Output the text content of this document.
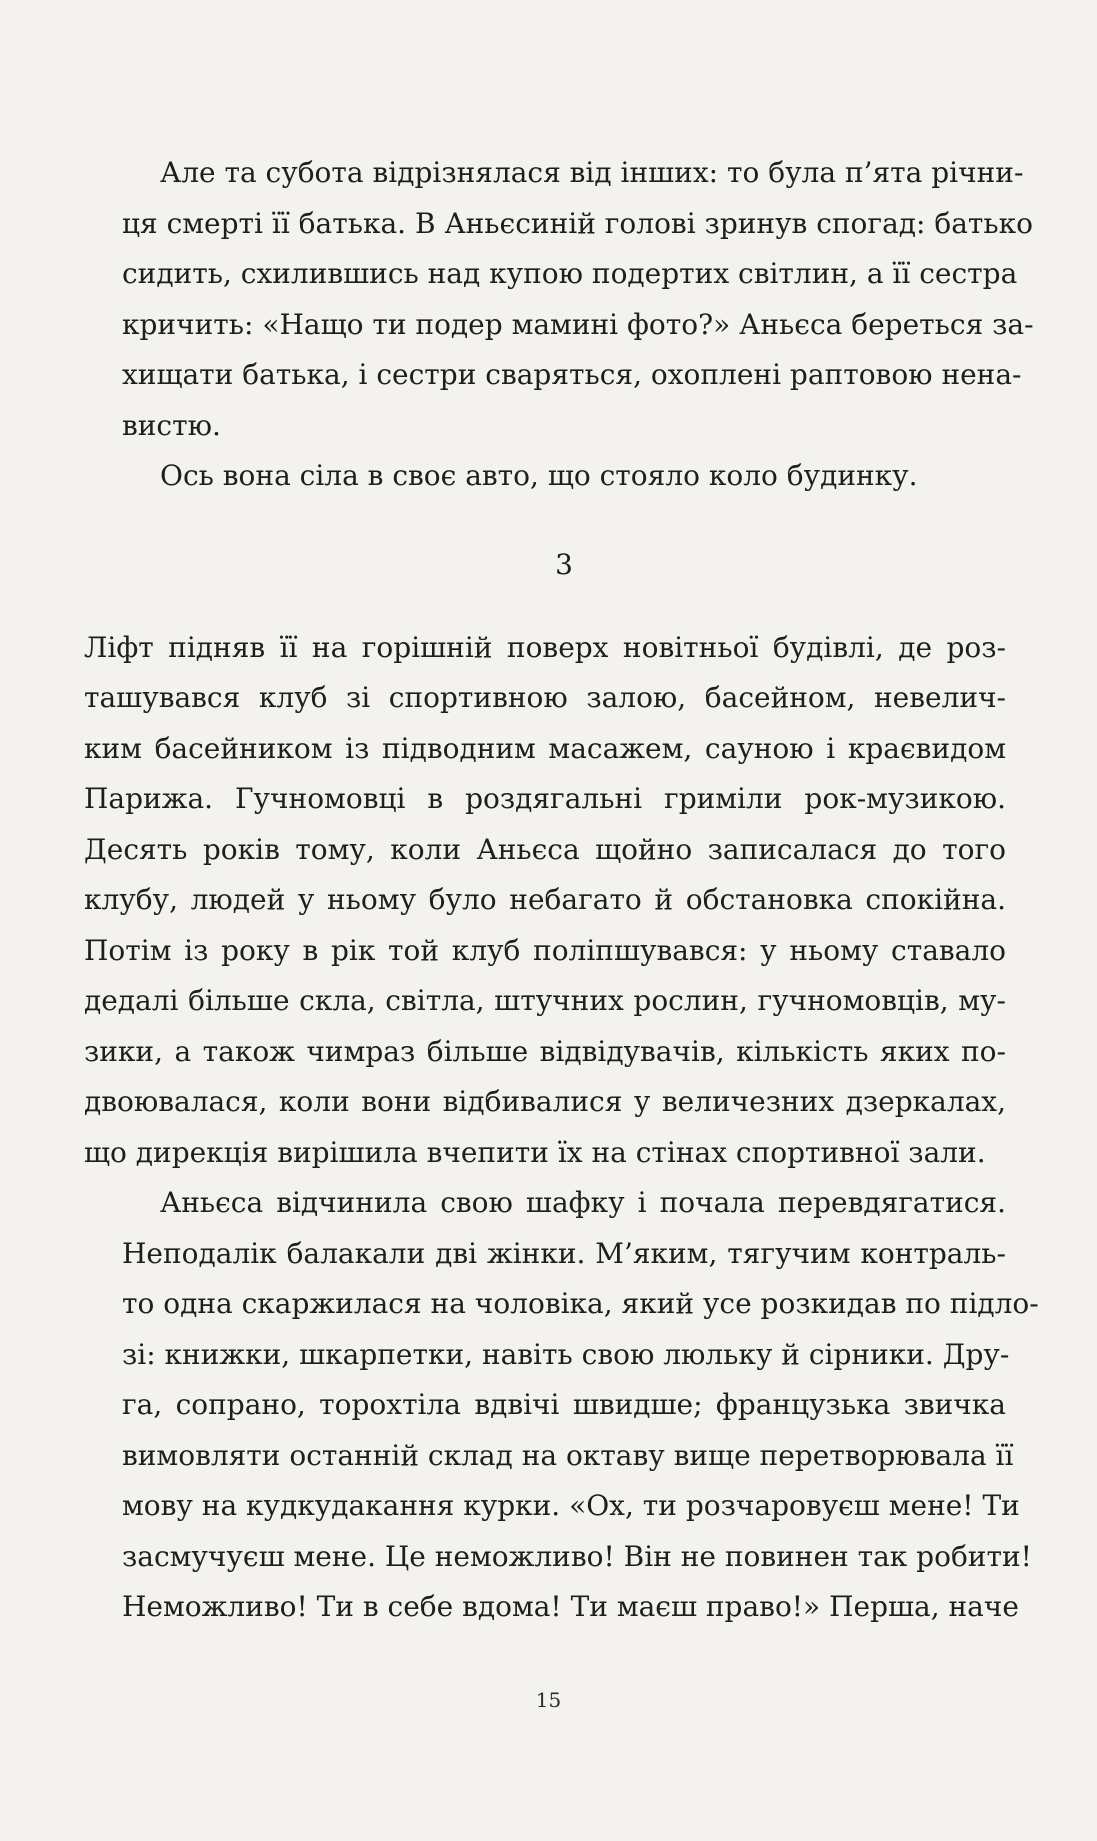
Але та субота відрізнялася від інших: то була п’ята річни-
ця смерті її батька. В Аньєсиній голові зринув спогад: батько
сидить, схилившись над купою подертих світлин, а її сестра
кричить: «Нащо ти подер мамині фото?» Аньєса береться за-
хищати батька, і сестри сваряться, охоплені раптовою нена-
вистю.

Ось вона сіла в своє авто, що стояло коло будинку.

3

Ліфт підняв її на горішній поверх новітньої будівлі, де роз-
ташувався клуб зі спортивною залою, басейном, невелич-
ким басейником із підводним масажем, сауною і краєвидом
Парижа. Гучномовці в роздягальні гриміли рок-музикою.
Десять років тому, коли Аньєса щойно записалася до того
клубу, людей у ньому було небагато й обстановка спокійна.
Потім із року в рік той клуб поліпшувався: у ньому ставало
дедалі більше скла, світла, штучних рослин, гучномовців, му-
зики, а також чимраз більше відвідувачів, кількість яких по-
двоювалася, коли вони відбивалися у величезних дзеркалах,
що дирекція вирішила вчепити їх на стінах спортивної зали.

Аньєса відчинила свою шафку і почала перевдягатися.
Неподалік балакали дві жінки. М’яким, тягучим контраль-
то одна скаржилася на чоловіка, який усе розкидав по підло-
зі: книжки, шкарпетки, навіть свою люльку й сірники. Дру-
га, сопрано, торохтіла вдвічі швидше; французька звичка
вимовляти останній склад на октаву вище перетворювала її
мову на кудкудакання курки. «Ох, ти розчаровуєш мене! Ти
засмучуєш мене. Це неможливо! Він не повинен так робити!
Неможливо! Ти в себе вдома! Ти маєш право!» Перша, наче

15
